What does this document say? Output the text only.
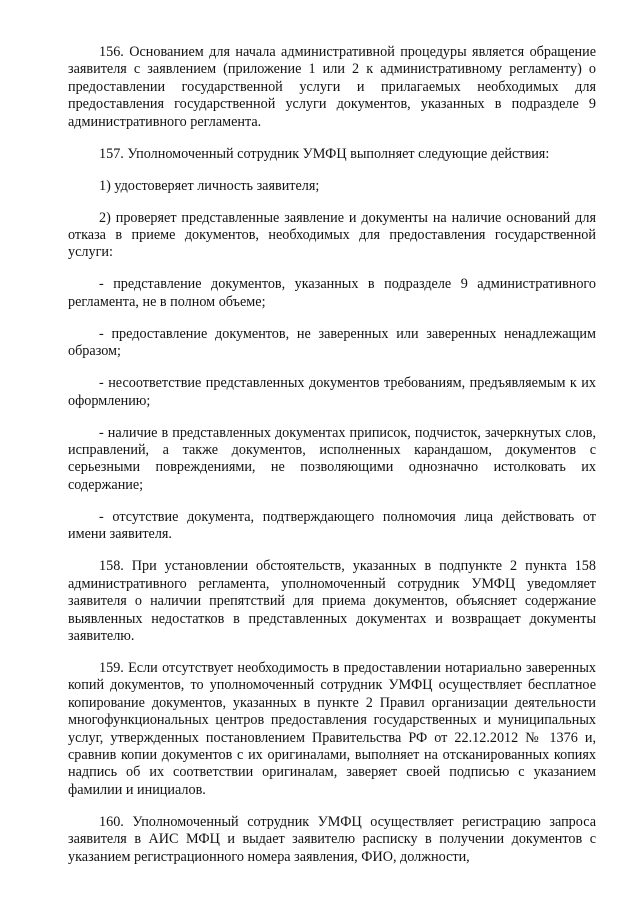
156. Основанием для начала административной процедуры является обращение заявителя с заявлением (приложение 1 или 2 к административному регламенту) о предоставлении государственной услуги и прилагаемых необходимых для предоставления государственной услуги документов, указанных в подразделе 9 административного регламента.

157. Уполномоченный сотрудник УМФЦ выполняет следующие действия:

1) удостоверяет личность заявителя;

2) проверяет представленные заявление и документы на наличие оснований для отказа в приеме документов, необходимых для предоставления государственной услуги:

- представление документов, указанных в подразделе 9 административного регламента, не в полном объеме;

- предоставление документов, не заверенных или заверенных ненадлежащим образом;

- несоответствие представленных документов требованиям, предъявляемым к их оформлению;

- наличие в представленных документах приписок, подчисток, зачеркнутых слов, исправлений, а также документов, исполненных карандашом, документов с серьезными повреждениями, не позволяющими однозначно истолковать их содержание;

- отсутствие документа, подтверждающего полномочия лица действовать от имени заявителя.

158. При установлении обстоятельств, указанных в подпункте 2 пункта 158 административного регламента, уполномоченный сотрудник УМФЦ уведомляет заявителя о наличии препятствий для приема документов, объясняет содержание выявленных недостатков в представленных документах и возвращает документы заявителю.

159. Если отсутствует необходимость в предоставлении нотариально заверенных копий документов, то уполномоченный сотрудник УМФЦ осуществляет бесплатное копирование документов, указанных в пункте 2 Правил организации деятельности многофункциональных центров предоставления государственных и муниципальных услуг, утвержденных постановлением Правительства РФ от 22.12.2012 № 1376 и, сравнив копии документов с их оригиналами, выполняет на отсканированных копиях надпись об их соответствии оригиналам, заверяет своей подписью с указанием фамилии и инициалов.

160. Уполномоченный сотрудник УМФЦ осуществляет регистрацию запроса заявителя в АИС МФЦ и выдает заявителю расписку в получении документов с указанием регистрационного номера заявления, ФИО, должности,
